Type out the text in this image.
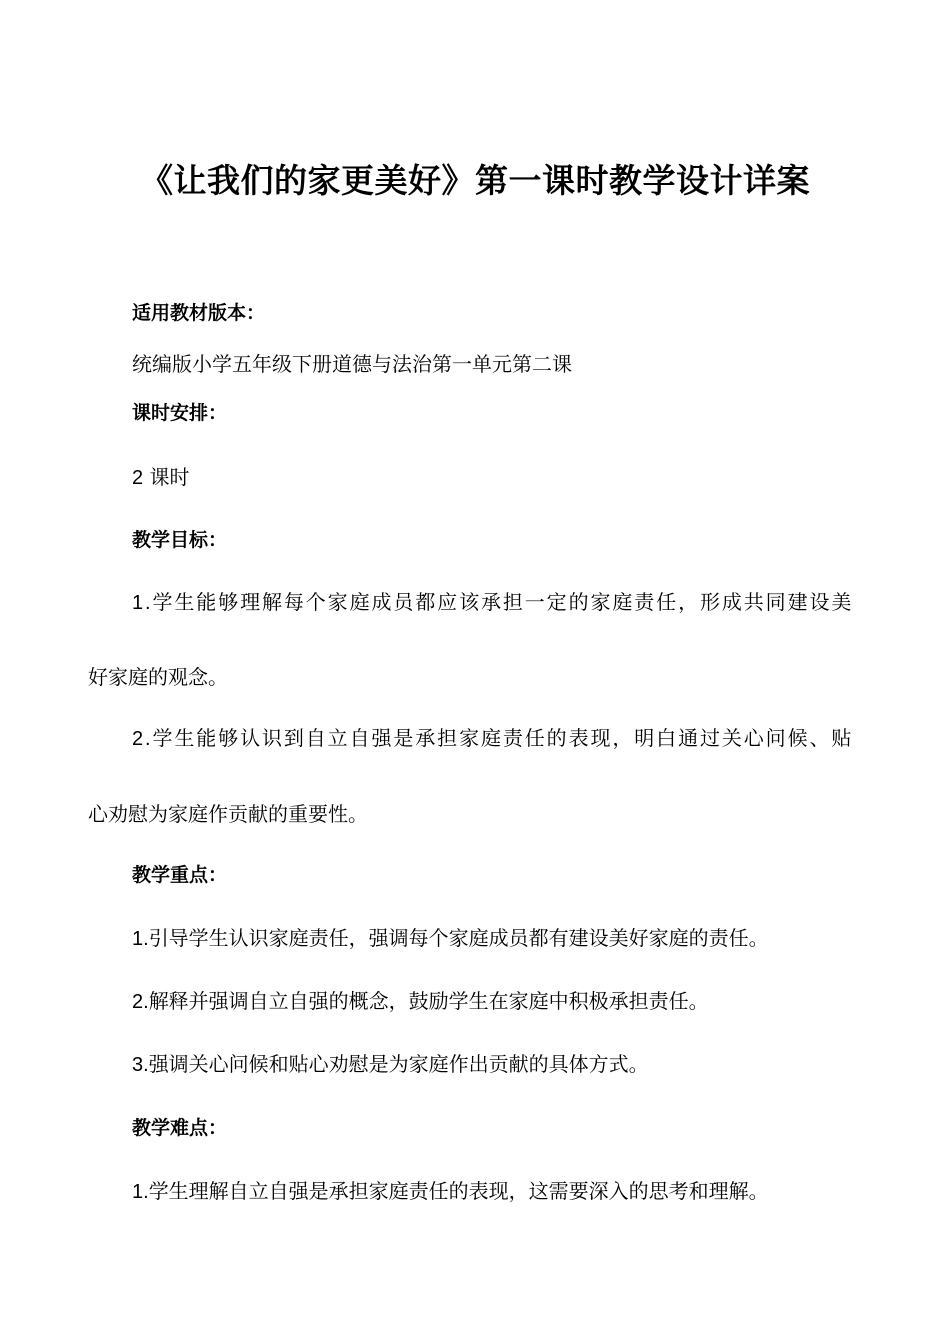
《让我们的家更美好》第一课时教学设计详案
适用教材版本：
统编版小学五年级下册道德与法治第一单元第二课
课时安排：
2 课时
教学目标：
1.学生能够理解每个家庭成员都应该承担一定的家庭责任，形成共同建设美
好家庭的观念。
2.学生能够认识到自立自强是承担家庭责任的表现，明白通过关心问候、贴
心劝慰为家庭作贡献的重要性。
教学重点：
1.引导学生认识家庭责任，强调每个家庭成员都有建设美好家庭的责任。
2.解释并强调自立自强的概念，鼓励学生在家庭中积极承担责任。
3.强调关心问候和贴心劝慰是为家庭作出贡献的具体方式。
教学难点：
1.学生理解自立自强是承担家庭责任的表现，这需要深入的思考和理解。
